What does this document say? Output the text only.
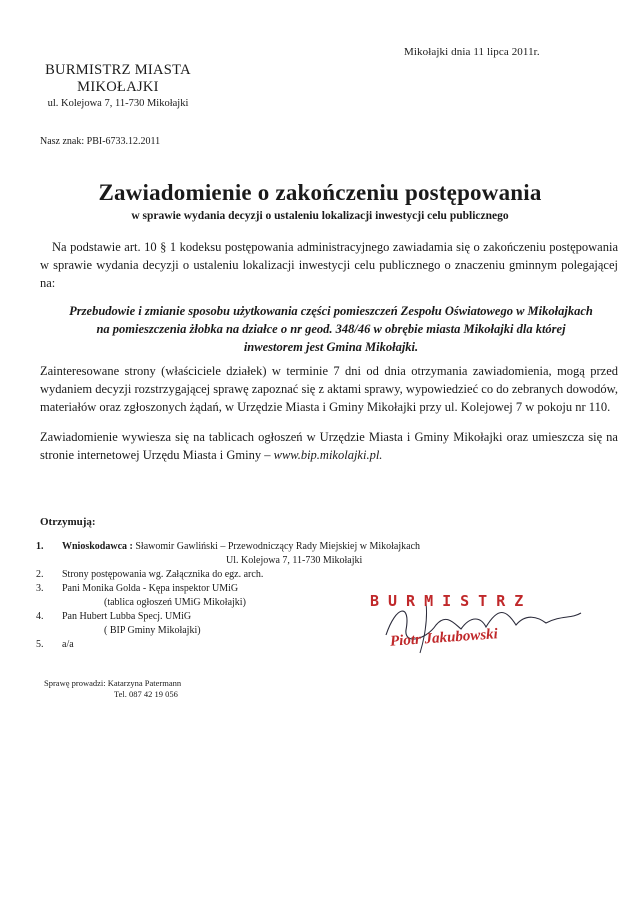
Mikołajki dnia 11 lipca 2011r.
BURMISTRZ MIASTA
MIKOŁAJKI
ul. Kolejowa 7, 11-730 Mikołajki
Nasz znak: PBI-6733.12.2011
Zawiadomienie o zakończeniu postępowania
w sprawie wydania decyzji o ustaleniu lokalizacji inwestycji celu publicznego
Na podstawie art. 10 § 1 kodeksu postępowania administracyjnego zawiadamia się o zakończeniu postępowania w sprawie wydania decyzji o ustaleniu lokalizacji inwestycji celu publicznego o znaczeniu gminnym polegającej na:
Przebudowie i zmianie sposobu użytkowania części pomieszczeń Zespołu Oświatowego w Mikołajkach
na pomieszczenia żłobka na działce o nr geod. 348/46 w obrębie miasta Mikołajki dla której
inwestorem jest Gmina Mikołajki.
Zainteresowane strony (właściciele działek) w terminie 7 dni od dnia otrzymania zawiadomienia, mogą przed wydaniem decyzji rozstrzygającej sprawę zapoznać się z aktami sprawy, wypowiedzieć co do zebranych dowodów, materiałów oraz zgłoszonych żądań, w Urzędzie Miasta i Gminy Mikołajki przy ul. Kolejowej 7 w pokoju nr 110.
Zawiadomienie wywiesza się na tablicach ogłoszeń w Urzędzie Miasta i Gminy Mikołajki oraz umieszcza się na stronie internetowej Urzędu Miasta i Gminy – www.bip.mikolajki.pl.
Otrzymują:
1. Wnioskodawca : Sławomir Gawliński – Przewodniczący Rady Miejskiej w Mikołajkach
Ul. Kolejowa 7, 11-730 Mikołajki
2. Strony postępowania wg. Załącznika do egz. arch.
3. Pani Monika Golda - Kępa inspektor UMiG
(tablica ogłoszeń UMiG Mikołajki)
4. Pan Hubert Lubba Specj. UMiG
( BIP Gminy Mikołajki)
5. a/a
BURMISTRZ
Piotr Jakubowski
Sprawę prowadzi: Katarzyna Patermann
Tel. 087 42 19 056
